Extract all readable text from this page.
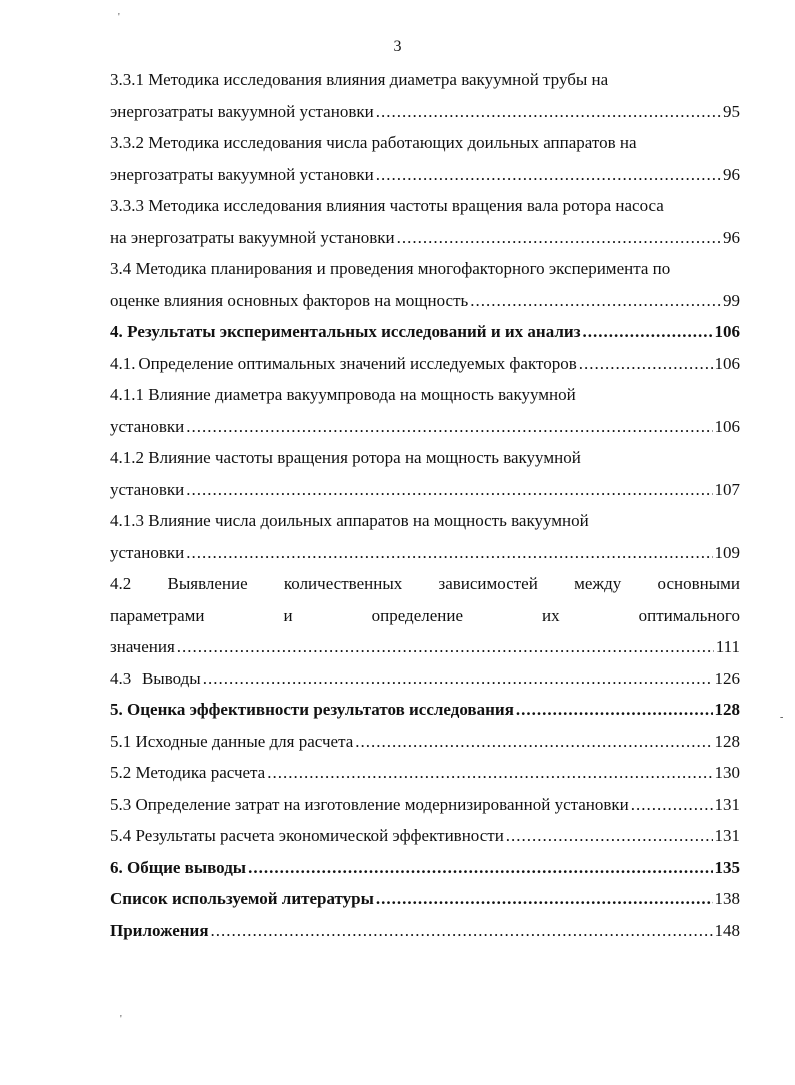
'
-
'
3
3.3.1 Методика исследования влияния диаметра вакуумной трубы на
энергозатраты вакуумной установки .....	95
3.3.2 Методика исследования числа работающих доильных аппаратов на
энергозатраты вакуумной установки .....	96
3.3.3 Методика исследования влияния частоты вращения вала ротора насоса
на энергозатраты вакуумной установки .....	96
3.4 Методика планирования и проведения многофакторного эксперимента по
оценке влияния основных факторов на мощность .....	99
4. Результаты экспериментальных исследований и их анализ .....	106
4.1. Определение оптимальных значений исследуемых факторов .....	106
4.1.1 Влияние диаметра вакуумпровода на мощность вакуумной
установки .....	106
4.1.2 Влияние частоты вращения ротора на мощность вакуумной
установки .....	107
4.1.3 Влияние числа доильных аппаратов на мощность вакуумной
установки .....	109
4.2 Выявление количественных зависимостей между основными
параметрами	и	определение	их	оптимального
значения .....	111
4.3 Выводы .....	126
5. Оценка эффективности результатов исследования .....	128
5.1 Исходные данные для расчета .....	128
5.2 Методика расчета .....	130
5.3 Определение затрат на изготовление модернизированной установки .....	131
5.4 Результаты расчета экономической эффективности .....	131
6. Общие выводы .....	135
Список используемой литературы .....	138
Приложения .....	148
